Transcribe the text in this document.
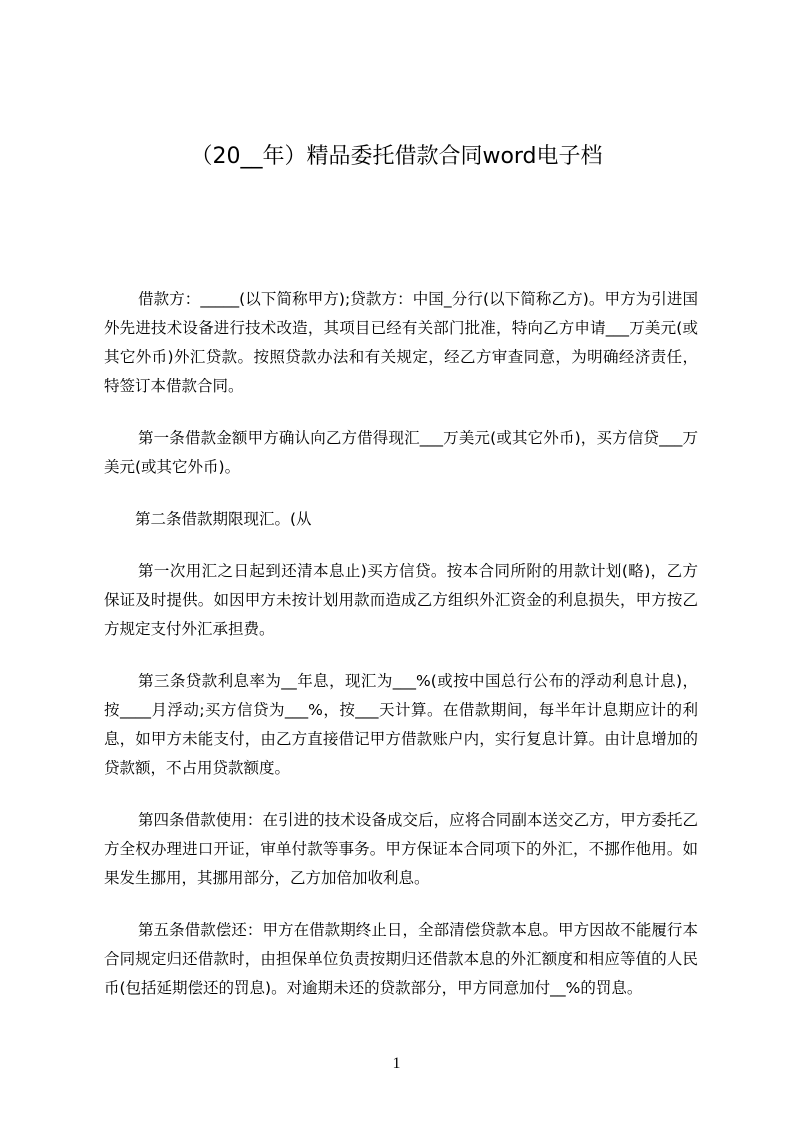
（20__年）精品委托借款合同word电子档

借款方：_____(以下简称甲方);贷款方：中国_分行(以下简称乙方)。甲方为引进国外先进技术设备进行技术改造，其项目已经有关部门批准，特向乙方申请___万美元(或其它外币)外汇贷款。按照贷款办法和有关规定，经乙方审查同意，为明确经济责任，特签订本借款合同。

第一条借款金额甲方确认向乙方借得现汇___万美元(或其它外币)，买方信贷___万美元(或其它外币)。

第二条借款期限现汇。(从

第一次用汇之日起到还清本息止)买方信贷。按本合同所附的用款计划(略)，乙方保证及时提供。如因甲方未按计划用款而造成乙方组织外汇资金的利息损失，甲方按乙方规定支付外汇承担费。

第三条贷款利息率为__年息，现汇为___%(或按中国总行公布的浮动利息计息)，按____月浮动;买方信贷为___%，按___天计算。在借款期间，每半年计息期应计的利息，如甲方未能支付，由乙方直接借记甲方借款账户内，实行复息计算。由计息增加的贷款额，不占用贷款额度。

第四条借款使用：在引进的技术设备成交后，应将合同副本送交乙方，甲方委托乙方全权办理进口开证，审单付款等事务。甲方保证本合同项下的外汇，不挪作他用。如果发生挪用，其挪用部分，乙方加倍加收利息。

第五条借款偿还：甲方在借款期终止日，全部清偿贷款本息。甲方因故不能履行本合同规定归还借款时，由担保单位负责按期归还借款本息的外汇额度和相应等值的人民币(包括延期偿还的罚息)。对逾期未还的贷款部分，甲方同意加付__%的罚息。

1
